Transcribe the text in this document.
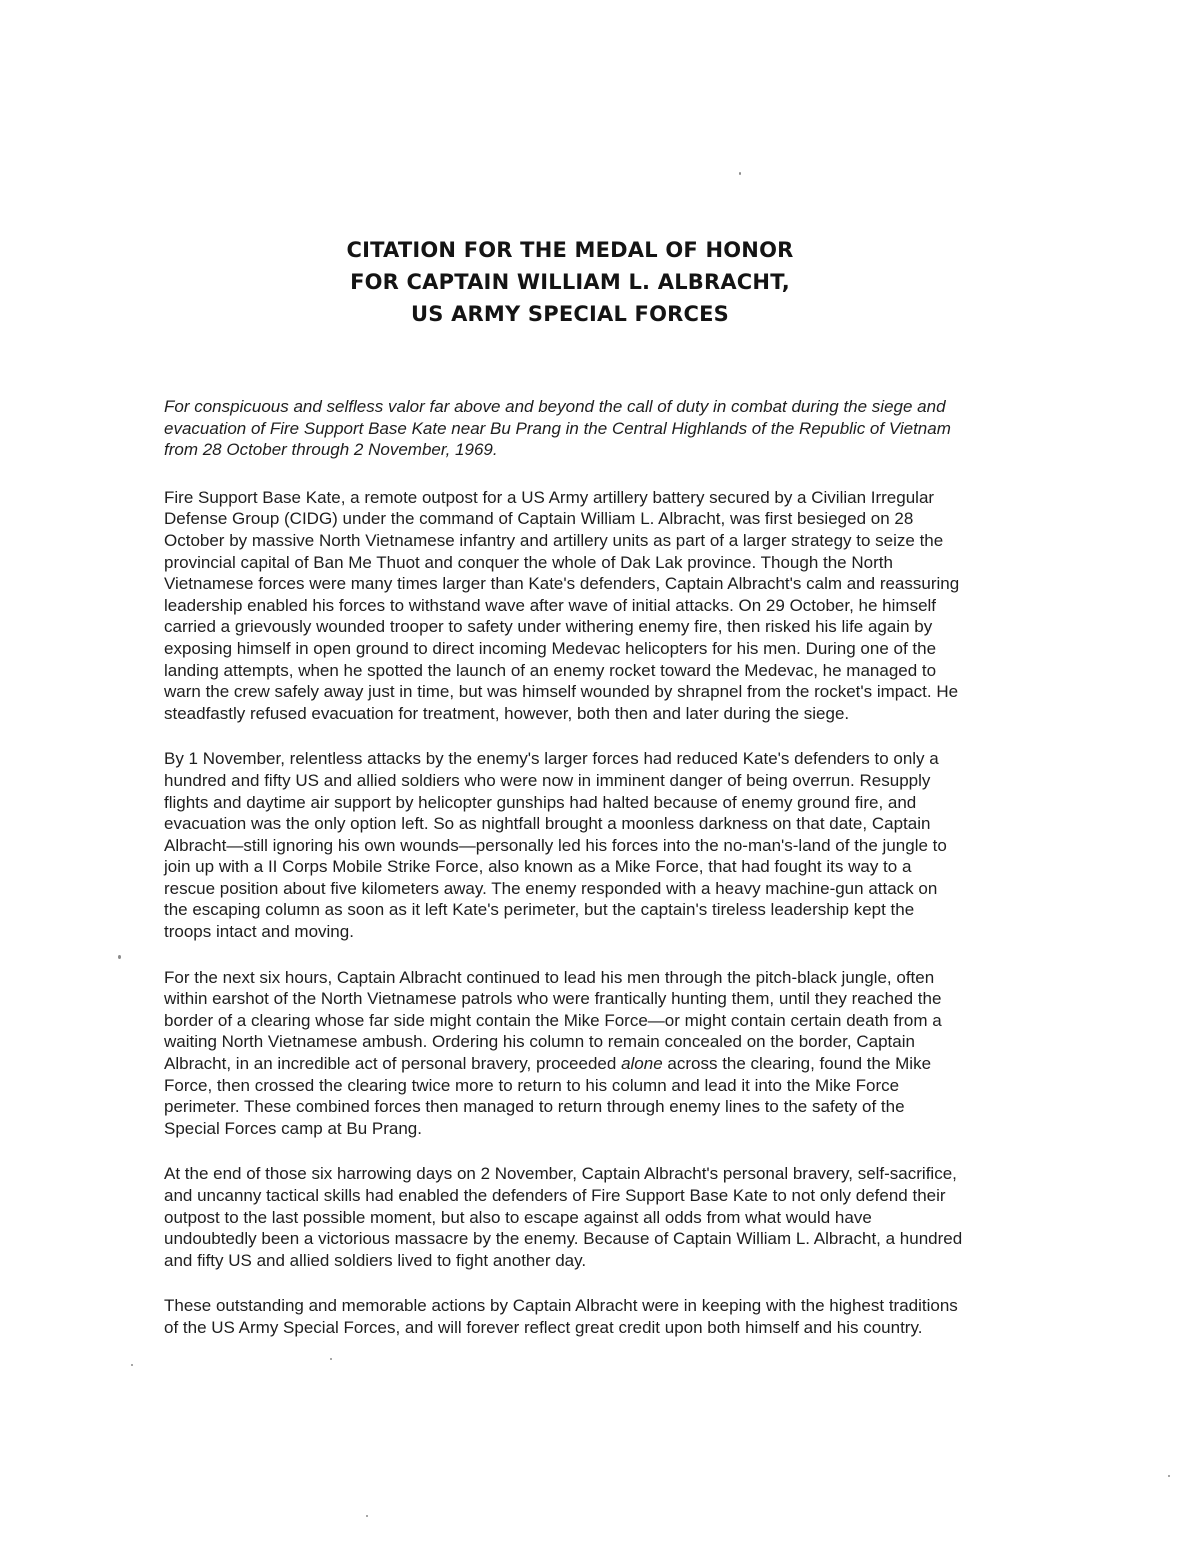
CITATION FOR THE MEDAL OF HONOR

FOR CAPTAIN WILLIAM L. ALBRACHT,

US ARMY SPECIAL FORCES

For conspicuous and selfless valor far above and beyond the call of duty in combat during the siege and evacuation of Fire Support Base Kate near Bu Prang in the Central Highlands of the Republic of Vietnam from 28 October through 2 November, 1969.

Fire Support Base Kate, a remote outpost for a US Army artillery battery secured by a Civilian Irregular Defense Group (CIDG) under the command of Captain William L. Albracht, was first besieged on 28 October by massive North Vietnamese infantry and artillery units as part of a larger strategy to seize the provincial capital of Ban Me Thuot and conquer the whole of Dak Lak province. Though the North Vietnamese forces were many times larger than Kate's defenders, Captain Albracht's calm and reassuring leadership enabled his forces to withstand wave after wave of initial attacks. On 29 October, he himself carried a grievously wounded trooper to safety under withering enemy fire, then risked his life again by exposing himself in open ground to direct incoming Medevac helicopters for his men. During one of the landing attempts, when he spotted the launch of an enemy rocket toward the Medevac, he managed to warn the crew safely away just in time, but was himself wounded by shrapnel from the rocket's impact. He steadfastly refused evacuation for treatment, however, both then and later during the siege.

By 1 November, relentless attacks by the enemy's larger forces had reduced Kate's defenders to only a hundred and fifty US and allied soldiers who were now in imminent danger of being overrun. Resupply flights and daytime air support by helicopter gunships had halted because of enemy ground fire, and evacuation was the only option left. So as nightfall brought a moonless darkness on that date, Captain Albracht—still ignoring his own wounds—personally led his forces into the no-man's-land of the jungle to join up with a II Corps Mobile Strike Force, also known as a Mike Force, that had fought its way to a rescue position about five kilometers away. The enemy responded with a heavy machine-gun attack on the escaping column as soon as it left Kate's perimeter, but the captain's tireless leadership kept the troops intact and moving.

For the next six hours, Captain Albracht continued to lead his men through the pitch-black jungle, often within earshot of the North Vietnamese patrols who were frantically hunting them, until they reached the border of a clearing whose far side might contain the Mike Force—or might contain certain death from a waiting North Vietnamese ambush. Ordering his column to remain concealed on the border, Captain Albracht, in an incredible act of personal bravery, proceeded alone across the clearing, found the Mike Force, then crossed the clearing twice more to return to his column and lead it into the Mike Force perimeter. These combined forces then managed to return through enemy lines to the safety of the Special Forces camp at Bu Prang.

At the end of those six harrowing days on 2 November, Captain Albracht's personal bravery, self-sacrifice, and uncanny tactical skills had enabled the defenders of Fire Support Base Kate to not only defend their outpost to the last possible moment, but also to escape against all odds from what would have undoubtedly been a victorious massacre by the enemy. Because of Captain William L. Albracht, a hundred and fifty US and allied soldiers lived to fight another day.

These outstanding and memorable actions by Captain Albracht were in keeping with the highest traditions of the US Army Special Forces, and will forever reflect great credit upon both himself and his country.
